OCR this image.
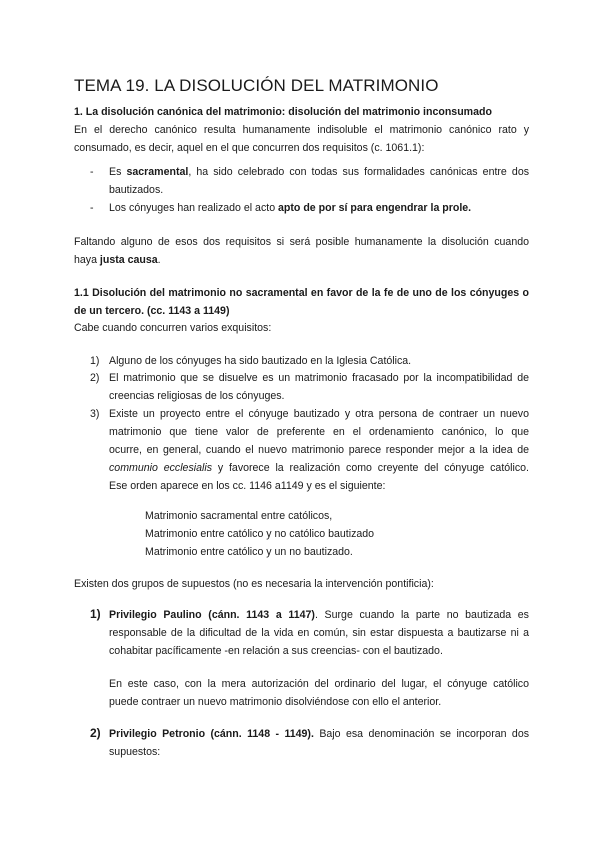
TEMA 19. LA DISOLUCIÓN DEL MATRIMONIO
1. La disolución canónica del matrimonio: disolución del matrimonio inconsumado
En el derecho canónico resulta humanamente indisoluble el matrimonio canónico rato y
consumado, es decir, aquel en el que concurren dos requisitos (c. 1061.1):
- Es sacramental, ha sido celebrado con todas sus formalidades canónicas entre dos
bautizados.
- Los cónyuges han realizado el acto apto de por sí para engendrar la prole.
Faltando alguno de esos dos requisitos si será posible humanamente la disolución cuando
haya justa causa.
1.1 Disolución del matrimonio no sacramental en favor de la fe de uno de los cónyuges o
de un tercero. (cc. 1143 a 1149)
Cabe cuando concurren varios exquisitos:
1) Alguno de los cónyuges ha sido bautizado en la Iglesia Católica.
2) El matrimonio que se disuelve es un matrimonio fracasado por la incompatibilidad de
creencias religiosas de los cónyuges.
3) Existe un proyecto entre el cónyuge bautizado y otra persona de contraer un nuevo
matrimonio que tiene valor de preferente en el ordenamiento canónico, lo que
ocurre, en general, cuando el nuevo matrimonio parece responder mejor a la idea de
communio ecclesialis y favorece la realización como creyente del cónyuge católico.
Ese orden aparece en los cc. 1146 a1149 y es el siguiente:
Matrimonio sacramental entre católicos,
Matrimonio entre católico y no católico bautizado
Matrimonio entre católico y un no bautizado.
Existen dos grupos de supuestos (no es necesaria la intervención pontificia):
1) Privilegio Paulino (cánn. 1143 a 1147). Surge cuando la parte no bautizada es
responsable de la dificultad de la vida en común, sin estar dispuesta a bautizarse ni a
cohabitar pacíficamente -en relación a sus creencias- con el bautizado.
En este caso, con la mera autorización del ordinario del lugar, el cónyuge católico
puede contraer un nuevo matrimonio disolviéndose con ello el anterior.
2) Privilegio Petronio (cánn. 1148 - 1149). Bajo esa denominación se incorporan dos
supuestos:
